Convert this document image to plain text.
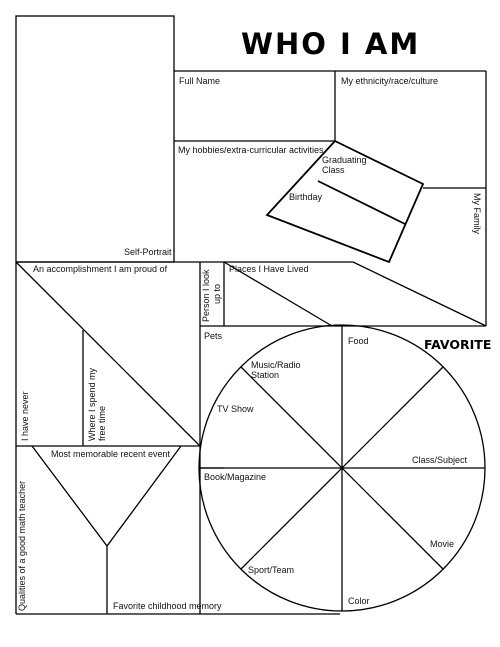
WHO I AM
Self-Portrait
Full Name	My ethnicity/race/culture
My hobbies/extra-curricular activities
Graduating
Class
Birthday	My Family
Places I Have Lived
Person I look up to
An accomplishment I am proud of
I have never	Where I spend my free time
Most memorable recent event
Qualities of a good math teacher	Favorite childhood memory
FAVORITE
Pets	Food
Music/Radio
Station
TV Show
Class/Subject
Book/Magazine
Movie
Sport/Team
Color
